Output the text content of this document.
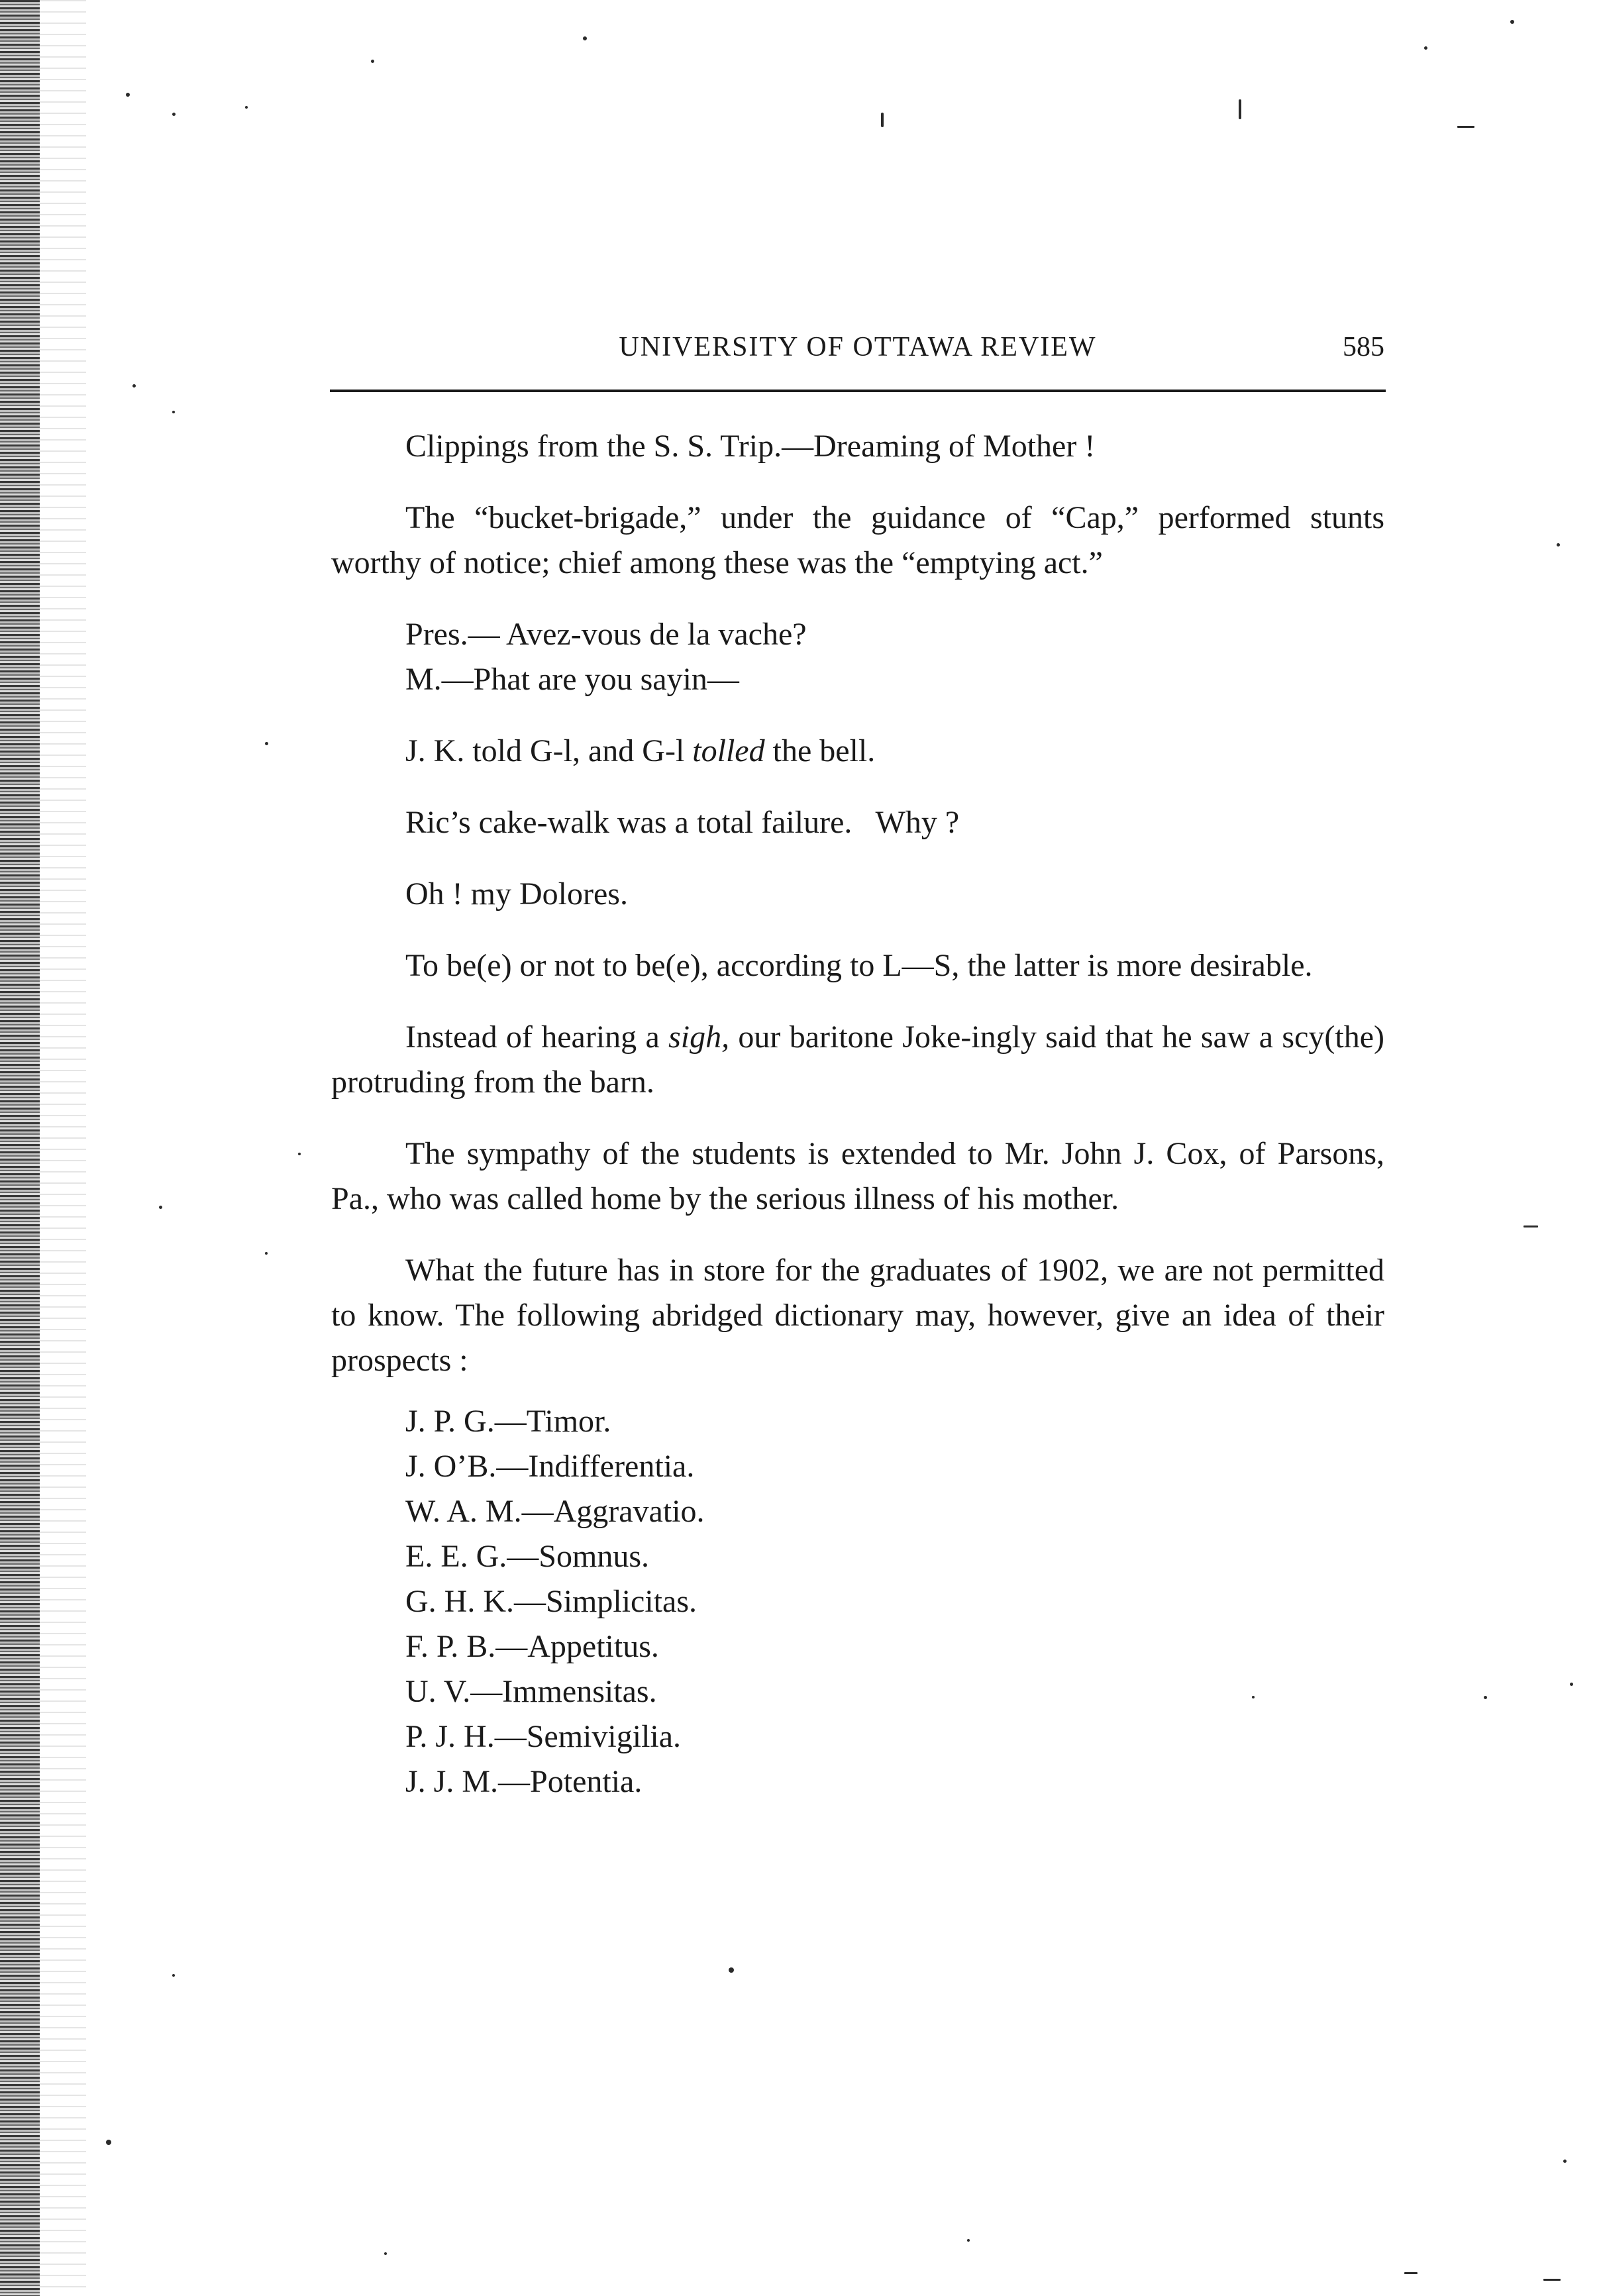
UNIVERSITY OF OTTAWA REVIEW	585

Clippings from the S. S. Trip.—Dreaming of Mother !

The “bucket-brigade,” under the guidance of “Cap,” performed stunts worthy of notice; chief among these was the “emptying act.”

Pres.— Avez-vous de la vache?

M.—Phat are you sayin—

J. K. told G-l, and G-l tolled the bell.

Ric’s cake-walk was a total failure.   Why ?

Oh ! my Dolores.

To be(e) or not to be(e), according to L—S, the latter is more desirable.

Instead of hearing a sigh, our baritone Joke-ingly said that he saw a scy(the) protruding from the barn.

The sympathy of the students is extended to Mr. John J. Cox, of Parsons, Pa., who was called home by the serious illness of his mother.

What the future has in store for the graduates of 1902, we are not permitted to know. The following abridged dictionary may, however, give an idea of their prospects :

J. P. G.—Timor.

J. O’B.—Indifferentia.

W. A. M.—Aggravatio.

E. E. G.—Somnus.

G. H. K.—Simplicitas.

F. P. B.—Appetitus.

U. V.—Immensitas.

P. J. H.—Semivigilia.

J. J. M.—Potentia.
